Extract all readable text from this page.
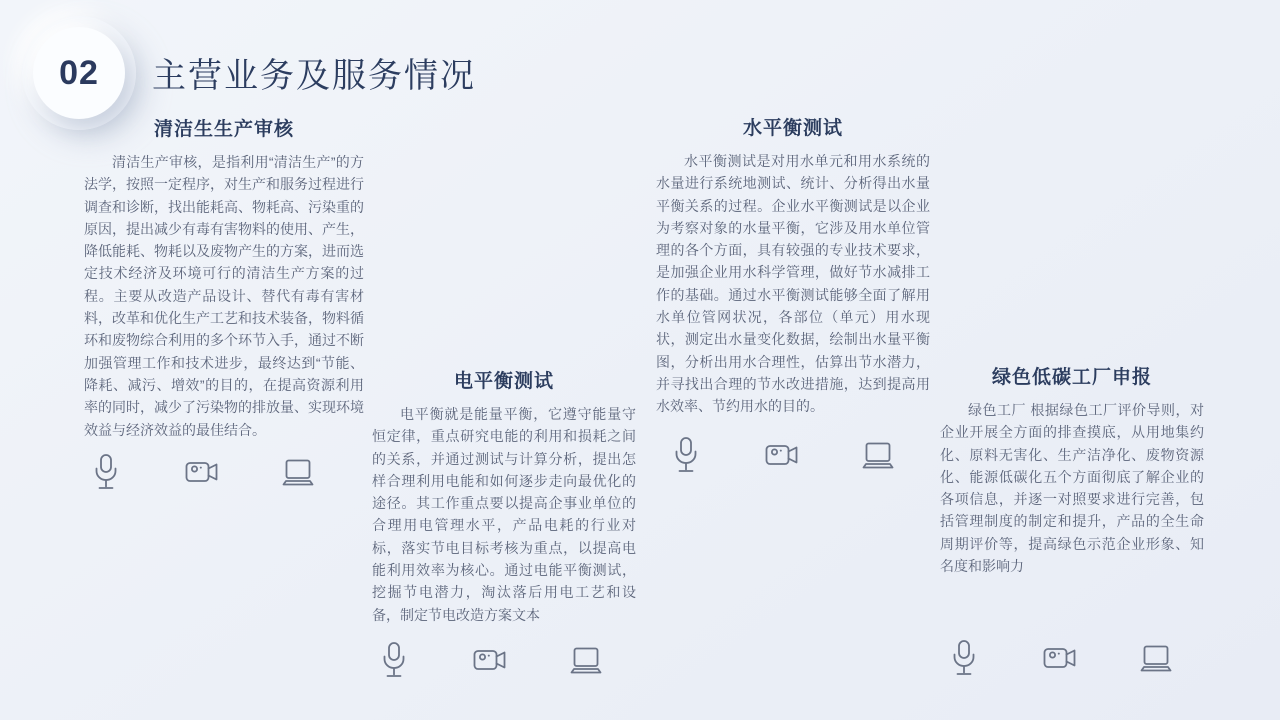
02 主营业务及服务情况
清洁生生产审核

清洁生产审核，是指利用“清洁生产”的方法学，按照一定程序，对生产和服务过程进行调查和诊断，找出能耗高、物耗高、污染重的原因，提出减少有毒有害物料的使用、产生，降低能耗、物耗以及废物产生的方案，进而选定技术经济及环境可行的清洁生产方案的过程。主要从改造产品设计、替代有毒有害材料，改革和优化生产工艺和技术装备，物料循环和废物综合利用的多个环节入手，通过不断加强管理工作和技术进步，最终达到“节能、降耗、减污、增效”的目的，在提高资源利用率的同时，减少了污染物的排放量、实现环境效益与经济效益的最佳结合。

电平衡测试

电平衡就是能量平衡，它遵守能量守恒定律，重点研究电能的利用和损耗之间的关系，并通过测试与计算分析，提出怎样合理利用电能和如何逐步走向最优化的途径。其工作重点要以提高企事业单位的合理用电管理水平，产品电耗的行业对标，落实节电目标考核为重点，以提高电能利用效率为核心。通过电能平衡测试，挖掘节电潜力，淘汰落后用电工艺和设备，制定节电改造方案文本

水平衡测试

水平衡测试是对用水单元和用水系统的水量进行系统地测试、统计、分析得出水量平衡关系的过程。企业水平衡测试是以企业为考察对象的水量平衡，它涉及用水单位管理的各个方面，具有较强的专业技术要求，是加强企业用水科学管理，做好节水减排工作的基础。通过水平衡测试能够全面了解用水单位管网状况，各部位（单元）用水现状，测定出水量变化数据，绘制出水量平衡图，分析出用水合理性，估算出节水潜力，并寻找出合理的节水改进措施，达到提高用水效率、节约用水的目的。

绿色低碳工厂申报

绿色工厂 根据绿色工厂评价导则，对企业开展全方面的排查摸底，从用地集约化、原料无害化、生产洁净化、废物资源化、能源低碳化五个方面彻底了解企业的各项信息，并逐一对照要求进行完善，包括管理制度的制定和提升，产品的全生命周期评价等，提高绿色示范企业形象、知名度和影响力
